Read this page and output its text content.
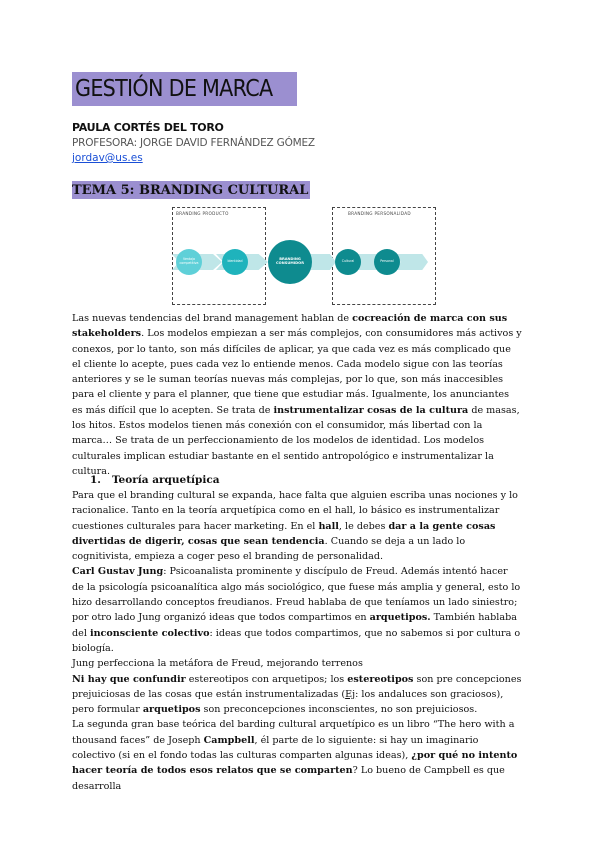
GESTIÓN DE MARCA
PAULA CORTÉS DEL TORO
PROFESORA: JORGE DAVID FERNÁNDEZ GÓMEZ
jordav@us.es
TEMA 5: BRANDING CULTURAL
BRANDING PRODUCTO	BRANDING PERSONALIDAD
Ventaja competitiva	Identidad
BRANDING CONSUMIDOR	Cultural	Personal

Las nuevas tendencias del brand management hablan de cocreación de marca con sus stakeholders. Los modelos empiezan a ser más complejos, con consumidores más activos y conexos, por lo tanto, son más difíciles de aplicar, ya que cada vez es más complicado que el cliente lo acepte, pues cada vez lo entiende menos. Cada modelo sigue con las teorías anteriores y se le suman teorías nuevas más complejas, por lo que, son más inaccesibles para el cliente y para el planner, que tiene que estudiar más. Igualmente, los anunciantes es más difícil que lo acepten. Se trata de instrumentalizar cosas de la cultura de masas, los hitos. Estos modelos tienen más conexión con el consumidor, más libertad con la marca… Se trata de un perfeccionamiento de los modelos de identidad. Los modelos culturales implican estudiar bastante en el sentido antropológico e instrumentalizar la cultura.

1. Teoría arquetípica

Para que el branding cultural se expanda, hace falta que alguien escriba unas nociones y lo racionalice. Tanto en la teoría arquetípica como en el hall, lo básico es instrumentalizar cuestiones culturales para hacer marketing. En el hall, le debes dar a la gente cosas divertidas de digerir, cosas que sean tendencia. Cuando se deja a un lado lo cognitivista, empieza a coger peso el branding de personalidad.

Carl Gustav Jung: Psicoanalista prominente y discípulo de Freud. Además intentó hacer de la psicología psicoanalítica algo más sociológico, que fuese más amplia y general, esto lo hizo desarrollando conceptos freudianos. Freud hablaba de que teníamos un lado siniestro; por otro lado Jung organizó ideas que todos compartimos en arquetipos. También hablaba del inconsciente colectivo: ideas que todos compartimos, que no sabemos si por cultura o biología.

Jung perfecciona la metáfora de Freud, mejorando terrenos

Ni hay que confundir estereotipos con arquetipos; los estereotipos son pre concepciones prejuiciosas de las cosas que están instrumentalizadas (Ej: los andaluces son graciosos), pero formular arquetipos son preconcepciones inconscientes, no son prejuiciosos.

La segunda gran base teórica del barding cultural arquetípico es un libro “The hero with a thousand faces” de Joseph Campbell, él parte de lo siguiente: si hay un imaginario colectivo (si en el fondo todas las culturas comparten algunas ideas), ¿por qué no intento hacer teoría de todos esos relatos que se comparten? Lo bueno de Campbell es que desarrolla
